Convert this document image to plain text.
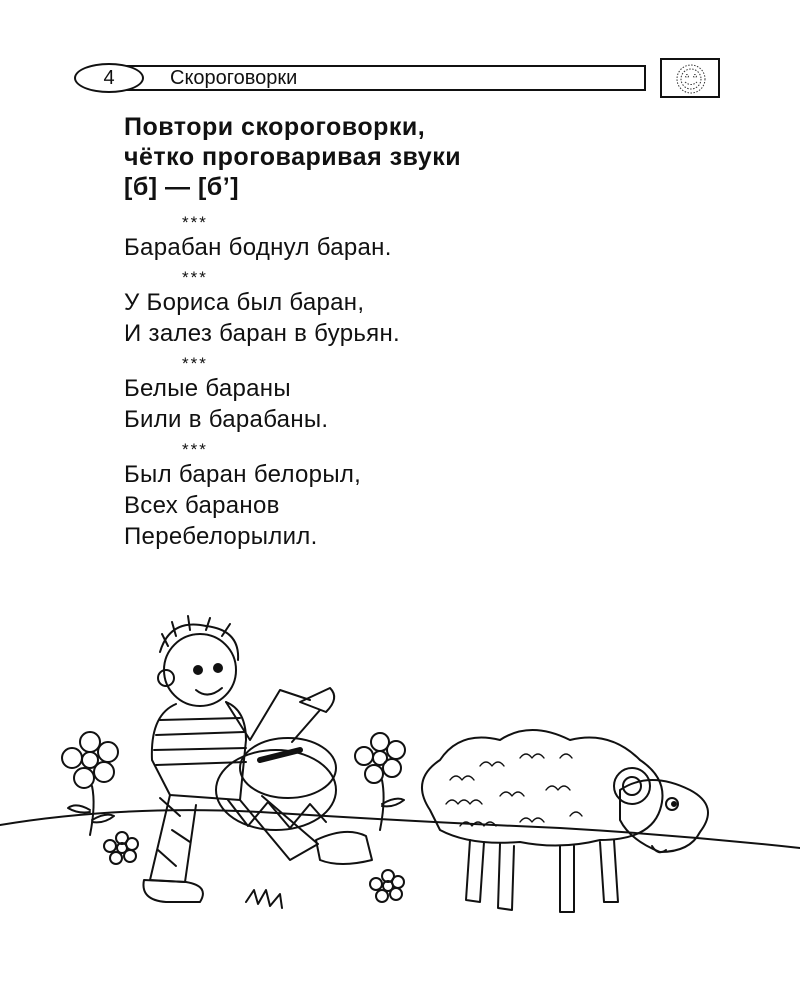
4	Скороговорки
Повтори скороговорки,
чётко проговаривая звуки
[б] — [б’]
***
Барабан боднул баран.
***
У Бориса был баран,
И залез баран в бурьян.
***
Белые бараны
Били в барабаны.
***
Был баран белорыл,
Всех баранов
Перебелорылил.
